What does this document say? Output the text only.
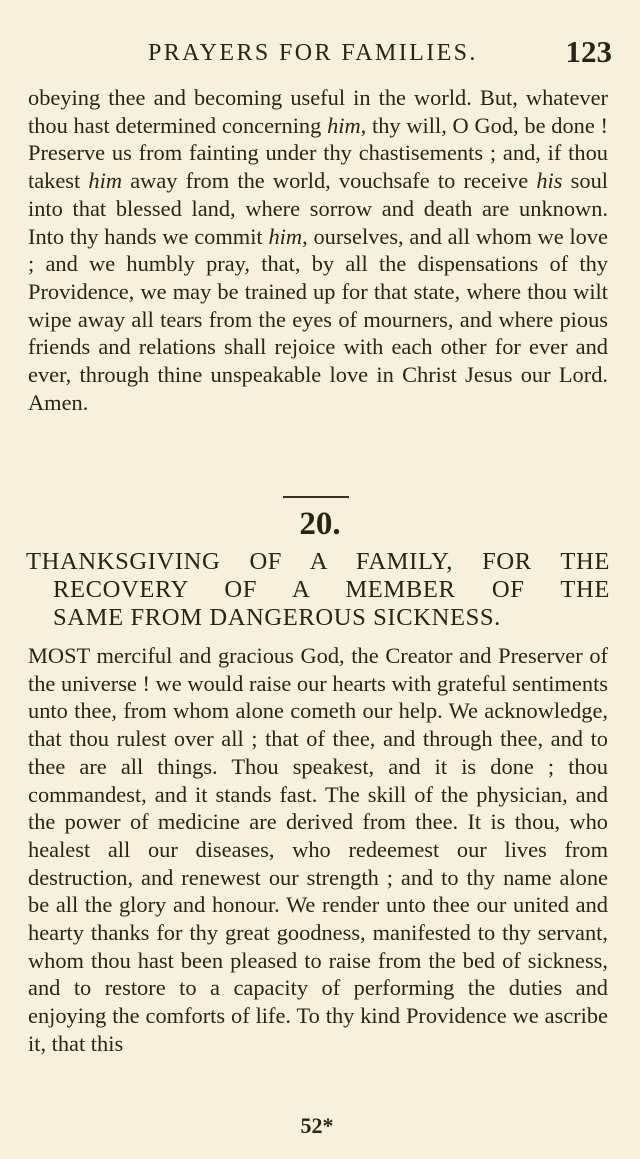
PRAYERS FOR FAMILIES.	123

obeying thee and becoming useful in the world. But, whatever thou hast determined concerning him, thy will, O God, be done ! Preserve us from fainting under thy chastisements ; and, if thou takest him away from the world, vouchsafe to receive his soul into that blessed land, where sorrow and death are unknown. Into thy hands we commit him, ourselves, and all whom we love ; and we humbly pray, that, by all the dispensations of thy Providence, we may be trained up for that state, where thou wilt wipe away all tears from the eyes of mourners, and where pious friends and relations shall rejoice with each other for ever and ever, through thine unspeakable love in Christ Jesus our Lord. Amen.

20.
THANKSGIVING OF A FAMILY, FOR THE
RECOVERY OF A MEMBER OF THE
SAME FROM DANGEROUS SICKNESS.

MOST merciful and gracious God, the Creator and Preserver of the universe ! we would raise our hearts with grateful sentiments unto thee, from whom alone cometh our help. We acknowledge, that thou rulest over all ; that of thee, and through thee, and to thee are all things. Thou speakest, and it is done ; thou commandest, and it stands fast. The skill of the physician, and the power of medicine are derived from thee. It is thou, who healest all our diseases, who redeemest our lives from destruction, and renewest our strength ; and to thy name alone be all the glory and honour. We render unto thee our united and hearty thanks for thy great goodness, manifested to thy servant, whom thou hast been pleased to raise from the bed of sickness, and to restore to a capacity of performing the duties and enjoying the comforts of life. To thy kind Providence we ascribe it, that this

52*
